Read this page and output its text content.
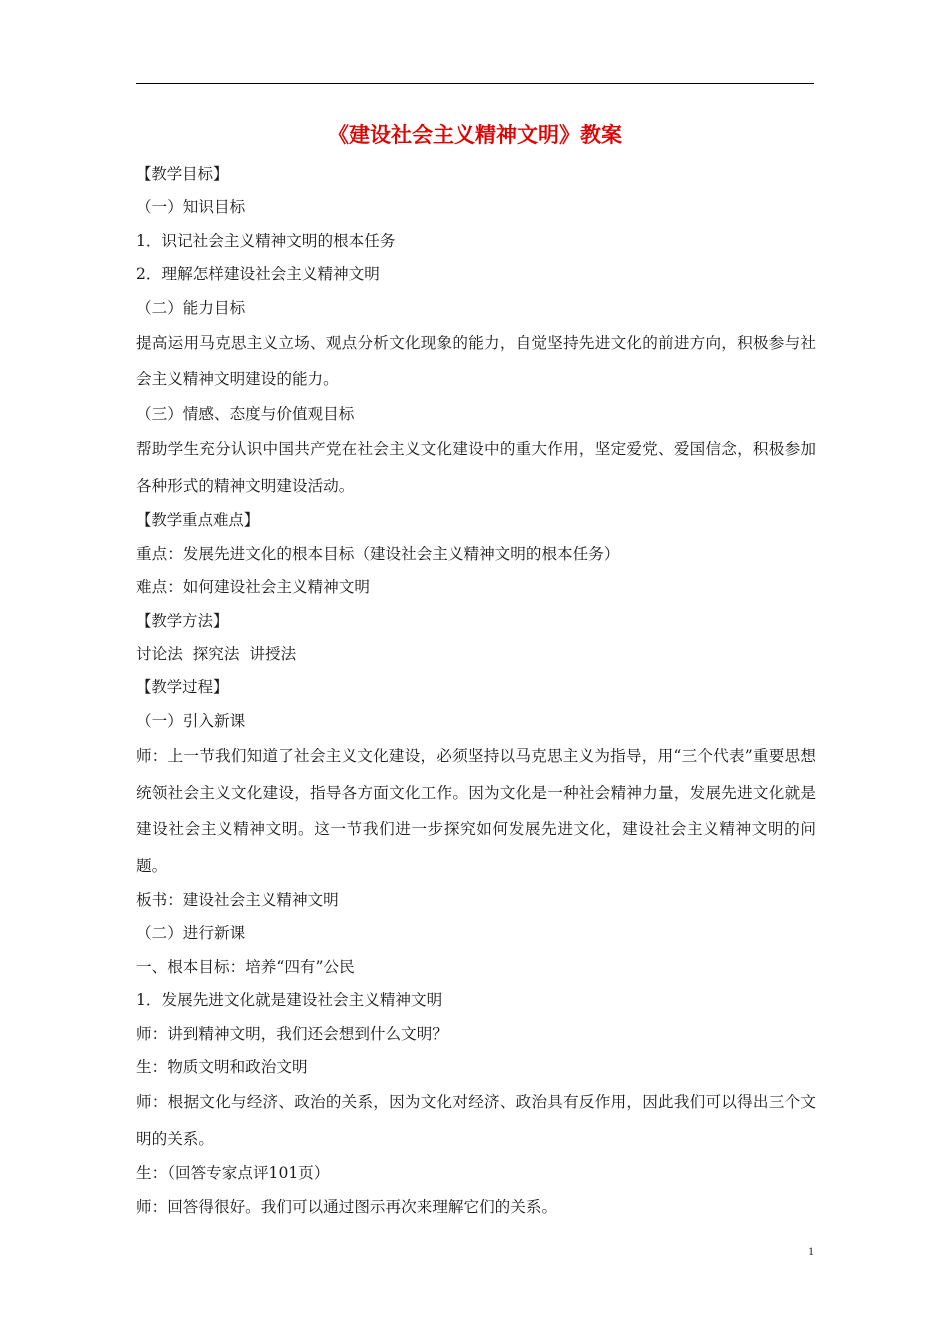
《建设社会主义精神文明》教案

【教学目标】

（一）知识目标

1．识记社会主义精神文明的根本任务

2．理解怎样建设社会主义精神文明

（二）能力目标

提高运用马克思主义立场、观点分析文化现象的能力，自觉坚持先进文化的前进方向，积极参与社会主义精神文明建设的能力。

（三）情感、态度与价值观目标

帮助学生充分认识中国共产党在社会主义文化建设中的重大作用，坚定爱党、爱国信念，积极参加各种形式的精神文明建设活动。

【教学重点难点】

重点：发展先进文化的根本目标（建设社会主义精神文明的根本任务）

难点：如何建设社会主义精神文明

【教学方法】

讨论法  探究法  讲授法

【教学过程】

（一）引入新课

师：上一节我们知道了社会主义文化建设，必须坚持以马克思主义为指导，用“三个代表”重要思想统领社会主义文化建设，指导各方面文化工作。因为文化是一种社会精神力量，发展先进文化就是建设社会主义精神文明。这一节我们进一步探究如何发展先进文化，建设社会主义精神文明的问题。

板书：建设社会主义精神文明

（二）进行新课

一、根本目标：培养“四有”公民

1．发展先进文化就是建设社会主义精神文明

师：讲到精神文明，我们还会想到什么文明？

生：物质文明和政治文明

师：根据文化与经济、政治的关系，因为文化对经济、政治具有反作用，因此我们可以得出三个文明的关系。

生：（回答专家点评101页）

师：回答得很好。我们可以通过图示再次来理解它们的关系。

1
